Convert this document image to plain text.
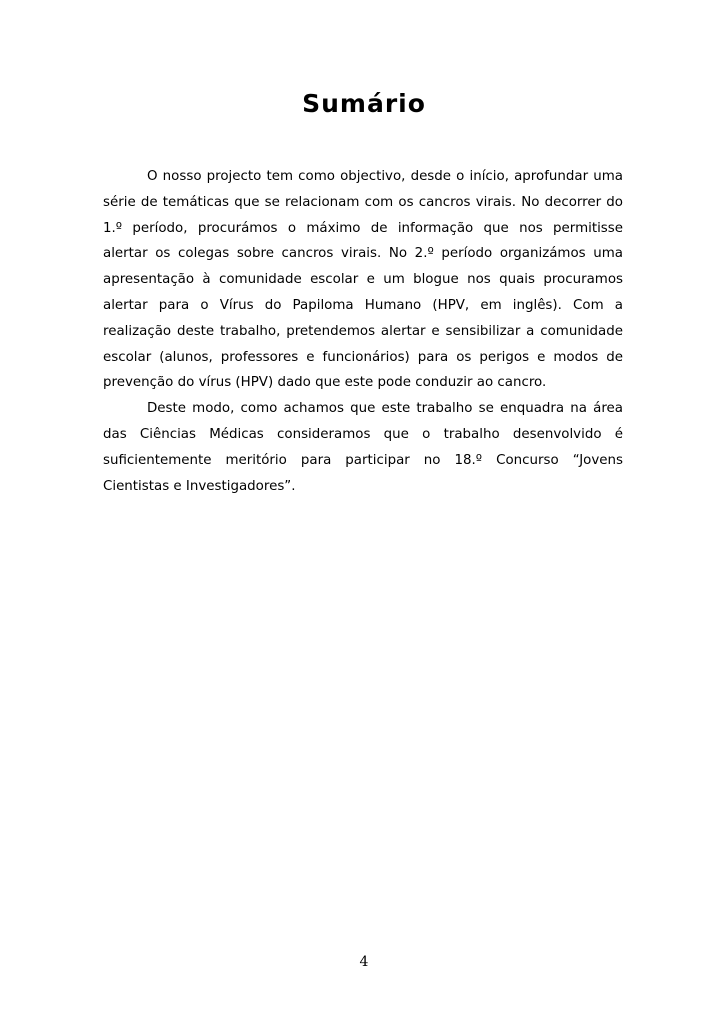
Sumário
O nosso projecto tem como objectivo, desde o início, aprofundar uma
série de temáticas que se relacionam com os cancros virais. No decorrer do
1.º período, procurámos o máximo de informação que nos permitisse
alertar os colegas sobre cancros virais. No 2.º período organizámos uma
apresentação à comunidade escolar e um blogue nos quais procuramos
alertar para o Vírus do Papiloma Humano (HPV, em inglês). Com a
realização deste trabalho, pretendemos alertar e sensibilizar a comunidade
escolar (alunos, professores e funcionários) para os perigos e modos de
prevenção do vírus (HPV) dado que este pode conduzir ao cancro.
Deste modo, como achamos que este trabalho se enquadra na área
das Ciências Médicas consideramos que o trabalho desenvolvido é
suficientemente meritório para participar no 18.º Concurso “Jovens
Cientistas e Investigadores”.
4
